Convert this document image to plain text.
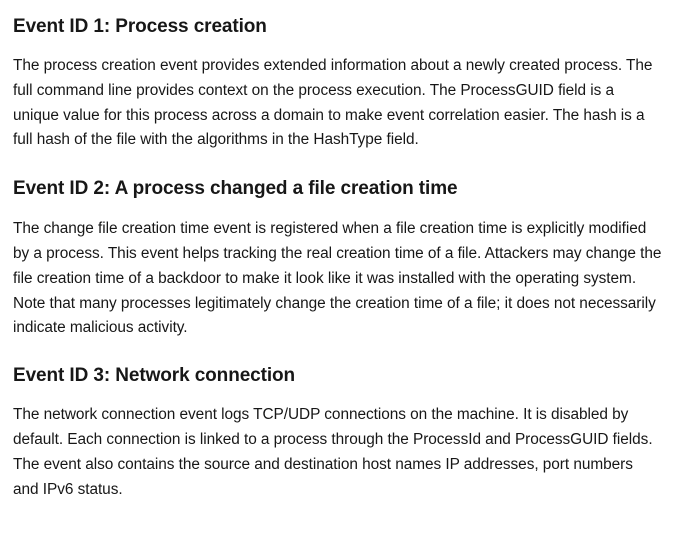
Event ID 1: Process creation

The process creation event provides extended information about a newly created process. The full command line provides context on the process execution. The ProcessGUID field is a unique value for this process across a domain to make event correlation easier. The hash is a full hash of the file with the algorithms in the HashType field.

Event ID 2: A process changed a file creation time

The change file creation time event is registered when a file creation time is explicitly modified by a process. This event helps tracking the real creation time of a file. Attackers may change the file creation time of a backdoor to make it look like it was installed with the operating system. Note that many processes legitimately change the creation time of a file; it does not necessarily indicate malicious activity.

Event ID 3: Network connection

The network connection event logs TCP/UDP connections on the machine. It is disabled by default. Each connection is linked to a process through the ProcessId and ProcessGUID fields. The event also contains the source and destination host names IP addresses, port numbers and IPv6 status.
